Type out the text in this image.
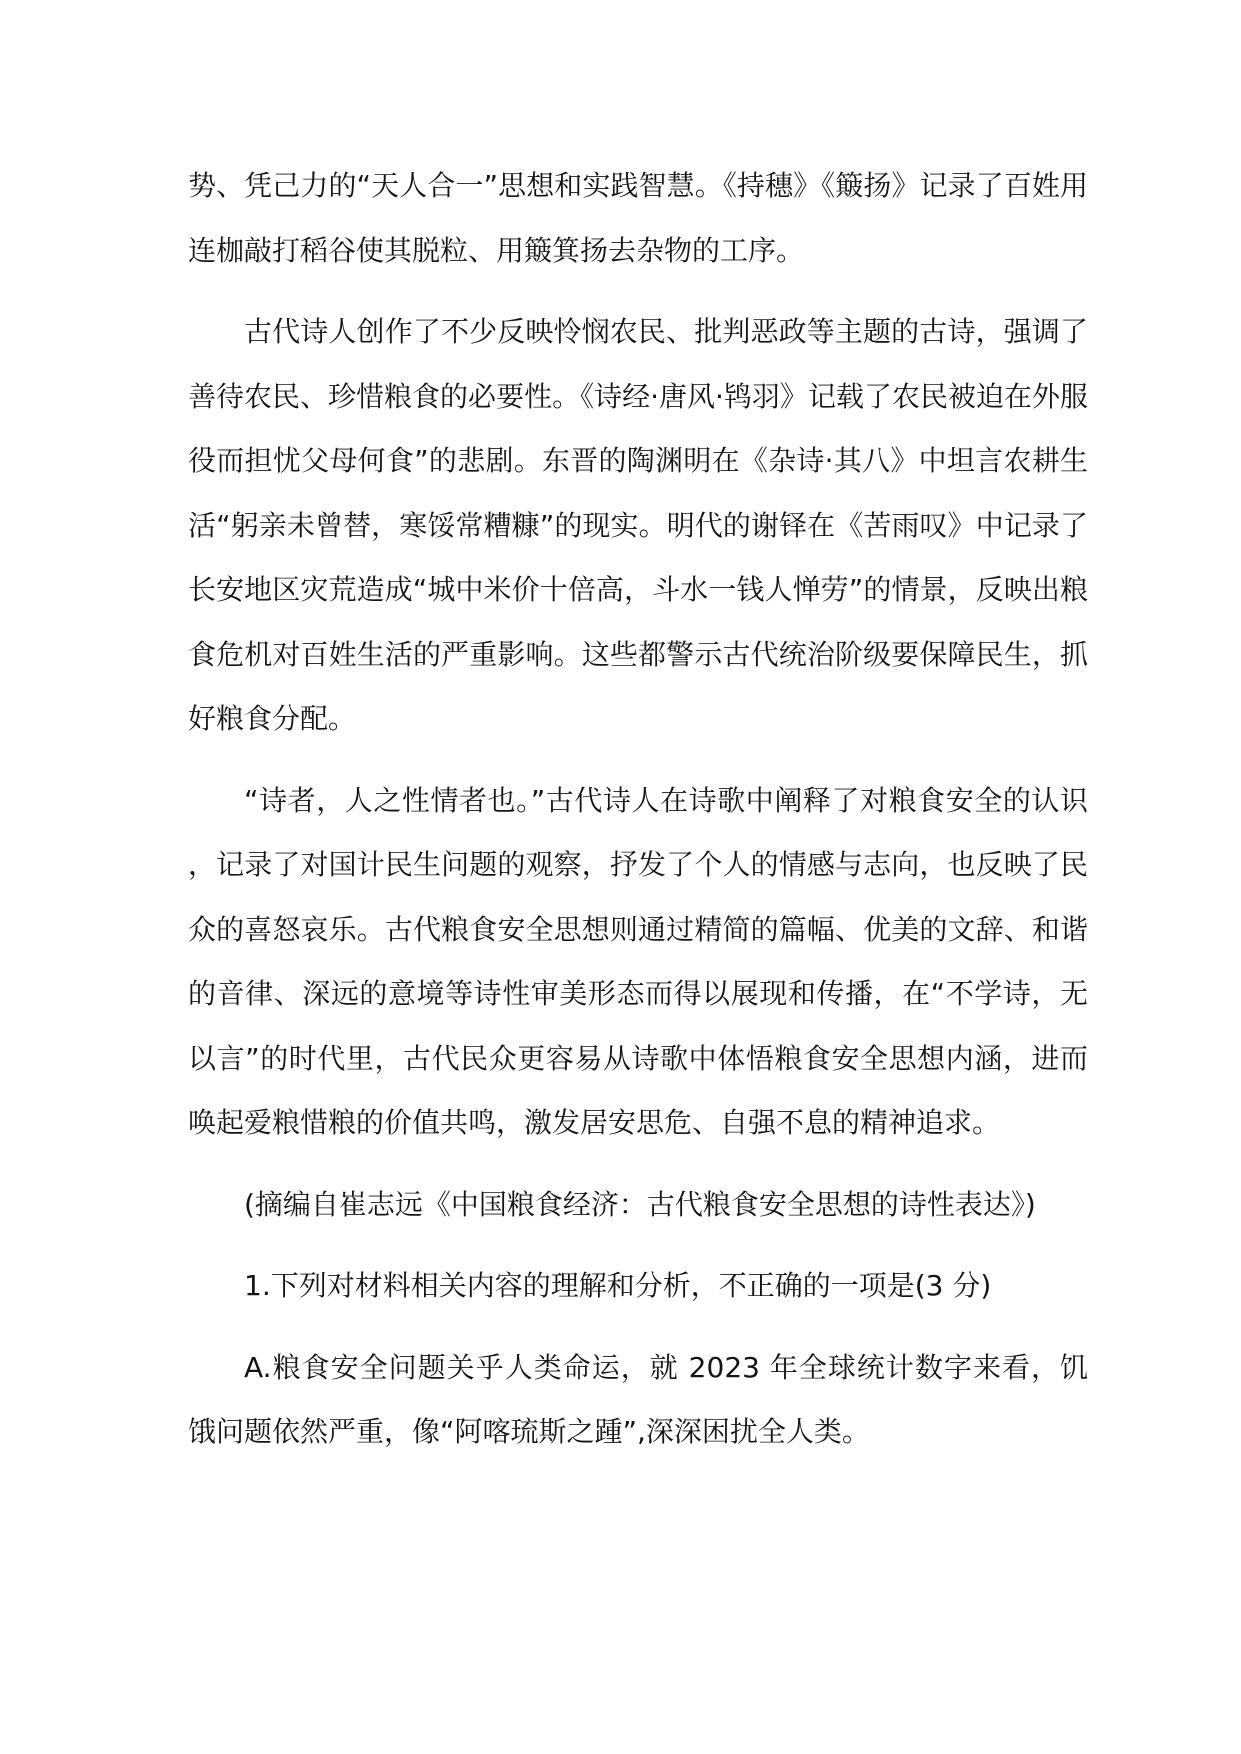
势、凭己力的“天人合一”思想和实践智慧。《持穗》《簸扬》记录了百姓用连枷敲打稻谷使其脱粒、用簸箕扬去杂物的工序。

古代诗人创作了不少反映怜悯农民、批判恶政等主题的古诗，强调了善待农民、珍惜粮食的必要性。《诗经·唐风·鸨羽》记载了农民被迫在外服役而担忧父母何食”的悲剧。东晋的陶渊明在《杂诗·其八》中坦言农耕生活“躬亲未曾替，寒馁常糟糠”的现实。明代的谢铎在《苦雨叹》中记录了长安地区灾荒造成“城中米价十倍高，斗水一钱人惮劳”的情景，反映出粮食危机对百姓生活的严重影响。这些都警示古代统治阶级要保障民生，抓好粮食分配。

“诗者，人之性情者也。”古代诗人在诗歌中阐释了对粮食安全的认识，记录了对国计民生问题的观察，抒发了个人的情感与志向，也反映了民众的喜怒哀乐。古代粮食安全思想则通过精简的篇幅、优美的文辞、和谐的音律、深远的意境等诗性审美形态而得以展现和传播，在“不学诗，无以言”的时代里，古代民众更容易从诗歌中体悟粮食安全思想内涵，进而唤起爱粮惜粮的价值共鸣，激发居安思危、自强不息的精神追求。

(摘编自崔志远《中国粮食经济：古代粮食安全思想的诗性表达》)

1.下列对材料相关内容的理解和分析，不正确的一项是(3 分)

A.粮食安全问题关乎人类命运，就 2023 年全球统计数字来看，饥饿问题依然严重，像“阿喀琉斯之踵”,深深困扰全人类。
